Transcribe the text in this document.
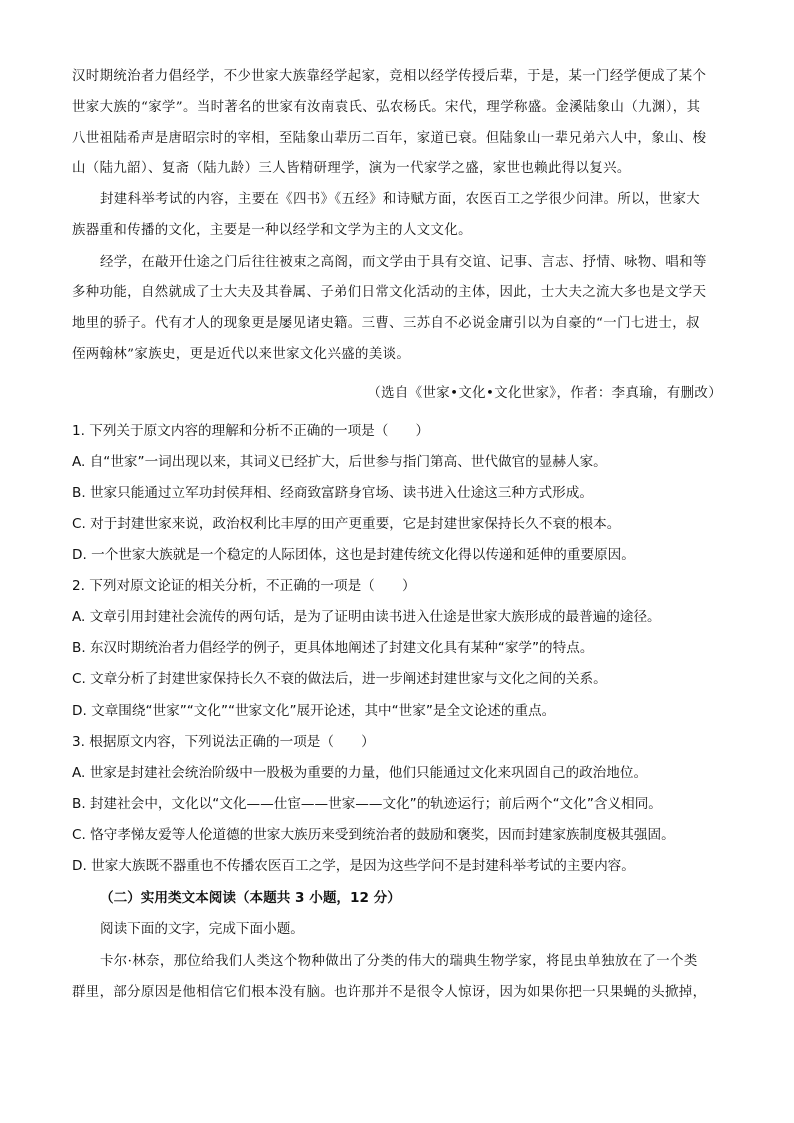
汉时期统治者力倡经学，不少世家大族靠经学起家，竞相以经学传授后辈，于是，某一门经学便成了某个

世家大族的“家学”。当时著名的世家有汝南袁氏、弘农杨氏。宋代，理学称盛。金溪陆象山（九渊），其

八世祖陆希声是唐昭宗时的宰相，至陆象山辈历二百年，家道已衰。但陆象山一辈兄弟六人中，象山、梭

山（陆九韶）、复斋（陆九龄）三人皆精研理学，演为一代家学之盛，家世也赖此得以复兴。

封建科举考试的内容，主要在《四书》《五经》和诗赋方面，农医百工之学很少问津。所以，世家大

族器重和传播的文化，主要是一种以经学和文学为主的人文文化。

经学，在敲开仕途之门后往往被束之高阁，而文学由于具有交谊、记事、言志、抒情、咏物、唱和等

多种功能，自然就成了士大夫及其眷属、子弟们日常文化活动的主体，因此，士大夫之流大多也是文学天

地里的骄子。代有才人的现象更是屡见诸史籍。三曹、三苏自不必说金庸引以为自豪的“一门七进士，叔

侄两翰林”家族史，更是近代以来世家文化兴盛的美谈。

（选自《世家•文化•文化世家》，作者：李真瑜，有删改）

1. 下列关于原文内容的理解和分析不正确的一项是（　　）

A. 自“世家”一词出现以来，其词义已经扩大，后世参与指门第高、世代做官的显赫人家。

B. 世家只能通过立军功封侯拜相、经商致富跻身官场、读书进入仕途这三种方式形成。

C. 对于封建世家来说，政治权利比丰厚的田产更重要，它是封建世家保持长久不衰的根本。

D. 一个世家大族就是一个稳定的人际团体，这也是封建传统文化得以传递和延伸的重要原因。

2. 下列对原文论证的相关分析，不正确的一项是（　　）

A. 文章引用封建社会流传的两句话，是为了证明由读书进入仕途是世家大族形成的最普遍的途径。

B. 东汉时期统治者力倡经学的例子，更具体地阐述了封建文化具有某种“家学”的特点。

C. 文章分析了封建世家保持长久不衰的做法后，进一步阐述封建世家与文化之间的关系。

D. 文章围绕“世家”“文化”“世家文化”展开论述，其中“世家”是全文论述的重点。

3. 根据原文内容，下列说法正确的一项是（　　）

A. 世家是封建社会统治阶级中一股极为重要的力量，他们只能通过文化来巩固自己的政治地位。

B. 封建社会中，文化以“文化——仕宦——世家——文化”的轨迹运行；前后两个“文化”含义相同。

C. 恪守孝悌友爱等人伦道德的世家大族历来受到统治者的鼓励和褒奖，因而封建家族制度极其强固。

D. 世家大族既不器重也不传播农医百工之学，是因为这些学问不是封建科举考试的主要内容。

（二）实用类文本阅读（本题共 3 小题，12 分）

阅读下面的文字，完成下面小题。

卡尔·林奈，那位给我们人类这个物种做出了分类的伟大的瑞典生物学家，将昆虫单独放在了一个类

群里，部分原因是他相信它们根本没有脑。也许那并不是很令人惊讶，因为如果你把一只果蝇的头掀掉，
